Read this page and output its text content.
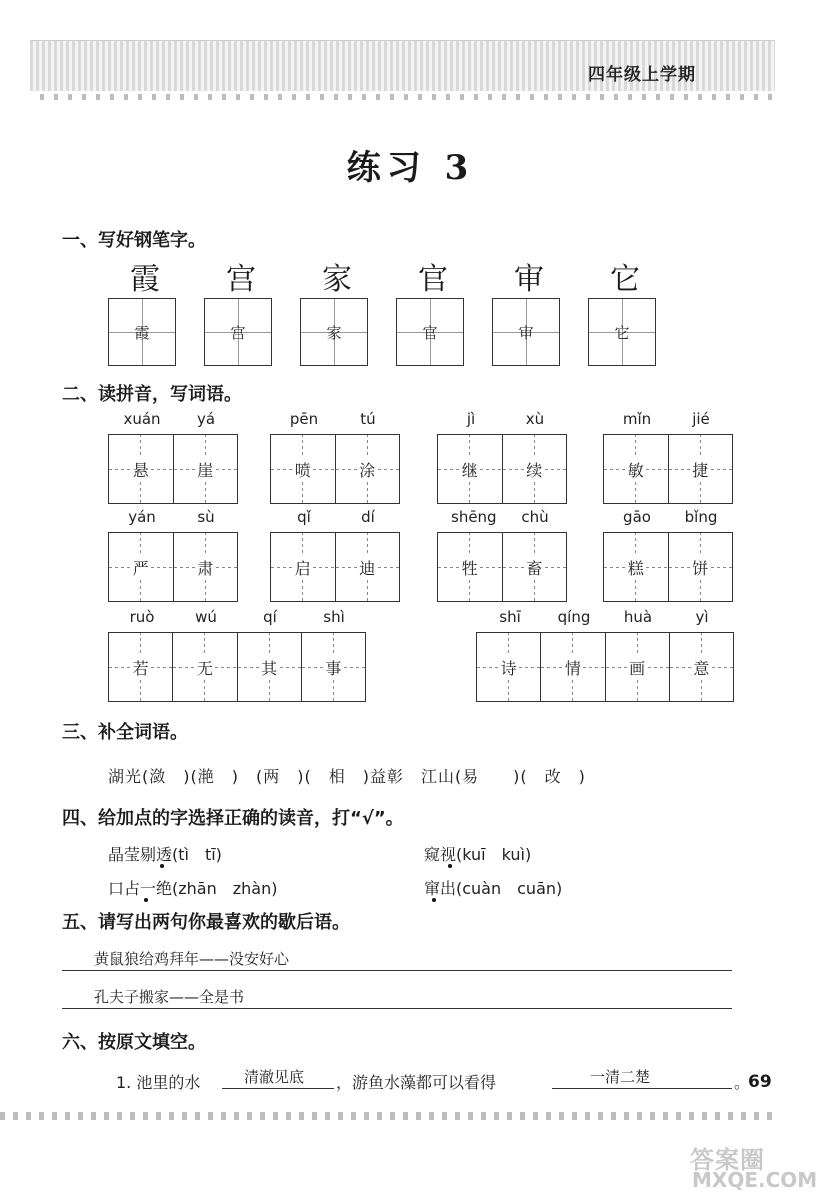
四年级上学期
练习 3
一、写好钢笔字。
霞
霞
宫
宫
家
家
官
官
审
审
它
它
二、读拼音，写词语。
xuán	yá
悬	崖
pēn	tú
喷	涂
jì	xù
继	续
mǐn	jié
敏	捷
yán	sù
严	肃
qǐ	dí
启	迪
shēng	chù
牲	畜
gāo	bǐng
糕	饼
ruò	wú	qí	shì
若	无	其	事
shī	qíng	huà	yì
诗	情	画	意
三、补全词语。
湖光(潋　)(滟　)　(两　)(　相　)益彰　江山(易　　)(　改　)
四、给加点的字选择正确的读音，打“√”。
晶莹剔透(tì　tī)	窥视(kuī　kuì)
口占一绝(zhān　zhàn)	窜出(cuàn　cuān)
五、请写出两句你最喜欢的歇后语。
黄鼠狼给鸡拜年——没安好心
孔夫子搬家——全是书
六、按原文填空。
1. 池里的水	清澈见底 ，游鱼水藻都可以看得	一清二楚	。
69
答案圈
MXQE.COM
